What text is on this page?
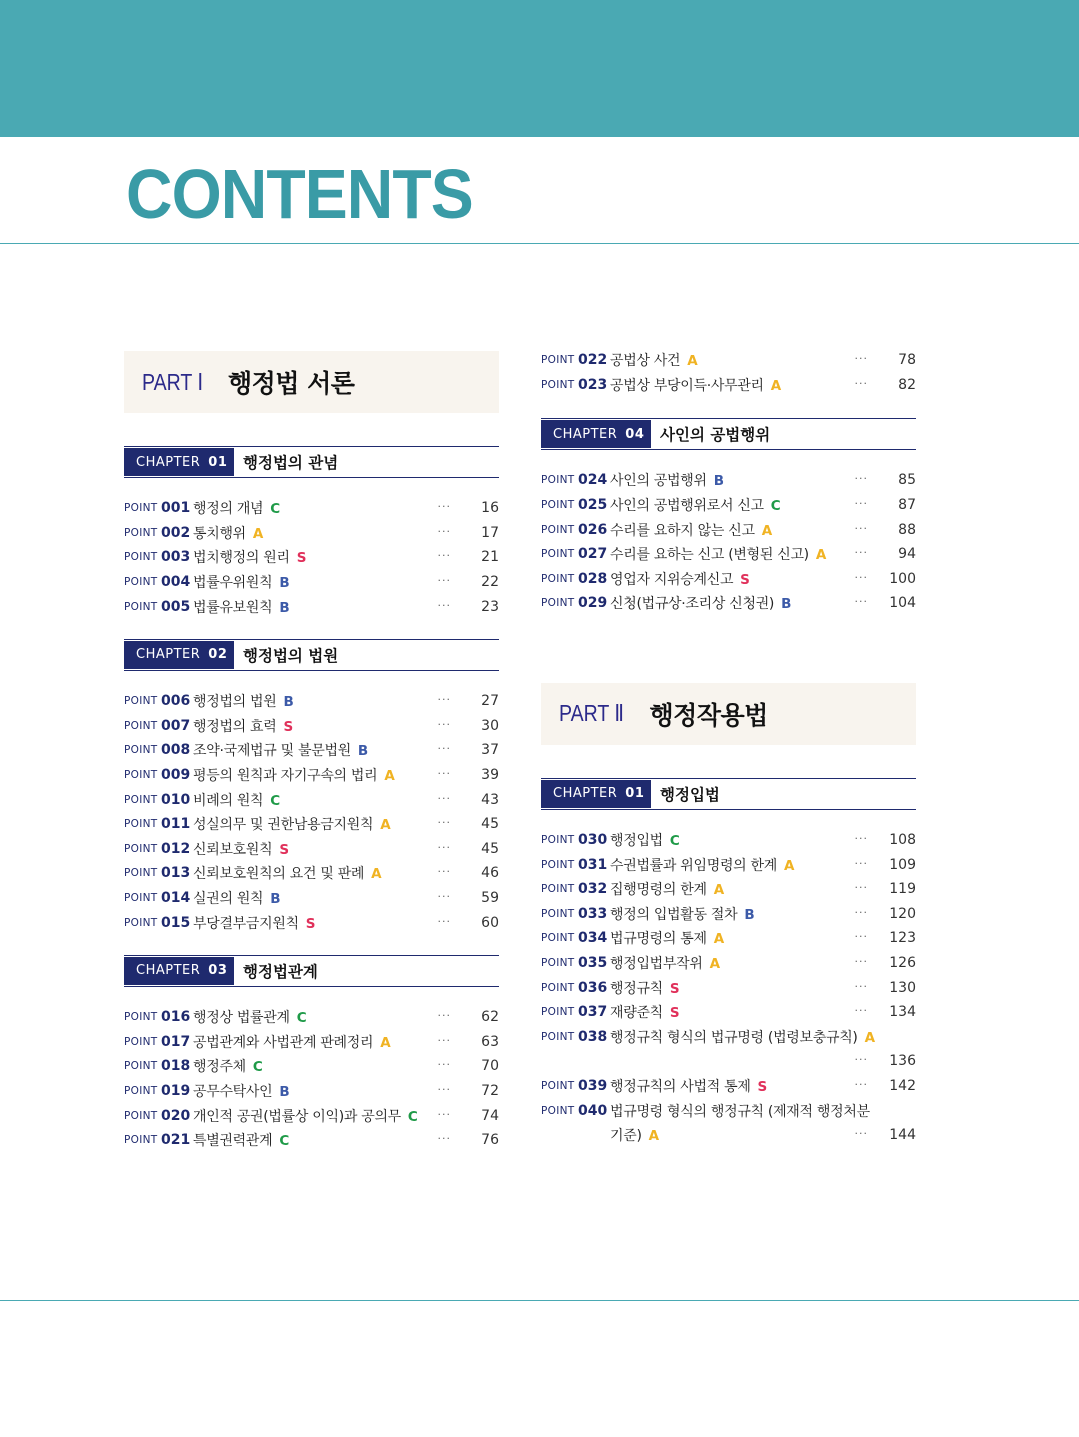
CONTENTS
PART Ⅰ 행정법 서론
CHAPTER 01	행정법의 관념
POINT 001 행정의 개념 C	···	16
POINT 002 통치행위 A	···	17
POINT 003 법치행정의 원리 S	···	21
POINT 004 법률우위원칙 B	···	22
POINT 005 법률유보원칙 B	···	23
CHAPTER 02	행정법의 법원
POINT 006 행정법의 법원 B	···	27
POINT 007 행정법의 효력 S	···	30
POINT 008 조약·국제법규 및 불문법원 B	···	37
POINT 009 평등의 원칙과 자기구속의 법리 A	···	39
POINT 010 비례의 원칙 C	···	43
POINT 011 성실의무 및 권한남용금지원칙 A	···	45
POINT 012 신뢰보호원칙 S	···	45
POINT 013 신뢰보호원칙의 요건 및 판례 A	···	46
POINT 014 실권의 원칙 B	···	59
POINT 015 부당결부금지원칙 S	···	60
CHAPTER 03	행정법관계
POINT 016 행정상 법률관계 C	···	62
POINT 017 공법관계와 사법관계 판례정리 A	···	63
POINT 018 행정주체 C	···	70
POINT 019 공무수탁사인 B	···	72
POINT 020 개인적 공권(법률상 이익)과 공의무 C	···	74
POINT 021 특별권력관계 C	···	76
POINT 022 공법상 사건 A	···	78
POINT 023 공법상 부당이득·사무관리 A	···	82
CHAPTER 04	사인의 공법행위
POINT 024 사인의 공법행위 B	···	85
POINT 025 사인의 공법행위로서 신고 C	···	87
POINT 026 수리를 요하지 않는 신고 A	···	88
POINT 027 수리를 요하는 신고 (변형된 신고) A	···	94
POINT 028 영업자 지위승계신고 S	···	100
POINT 029 신청(법규상·조리상 신청권) B	···	104
PART Ⅱ 행정작용법
CHAPTER 01	행정입법
POINT 030 행정입법 C	···	108
POINT 031 수권법률과 위임명령의 한계 A	···	109
POINT 032 집행명령의 한계 A	···	119
POINT 033 행정의 입법활동 절차 B	···	120
POINT 034 법규명령의 통제 A	···	123
POINT 035 행정입법부작위 A	···	126
POINT 036 행정규칙 S	···	130
POINT 037 재량준칙 S	···	134
POINT 038 행정규칙 형식의 법규명령 (법령보충규칙) A
···	136
POINT 039 행정규칙의 사법적 통제 S	···	142
POINT 040 법규명령 형식의 행정규칙 (제재적 행정처분
기준) A	···	144
